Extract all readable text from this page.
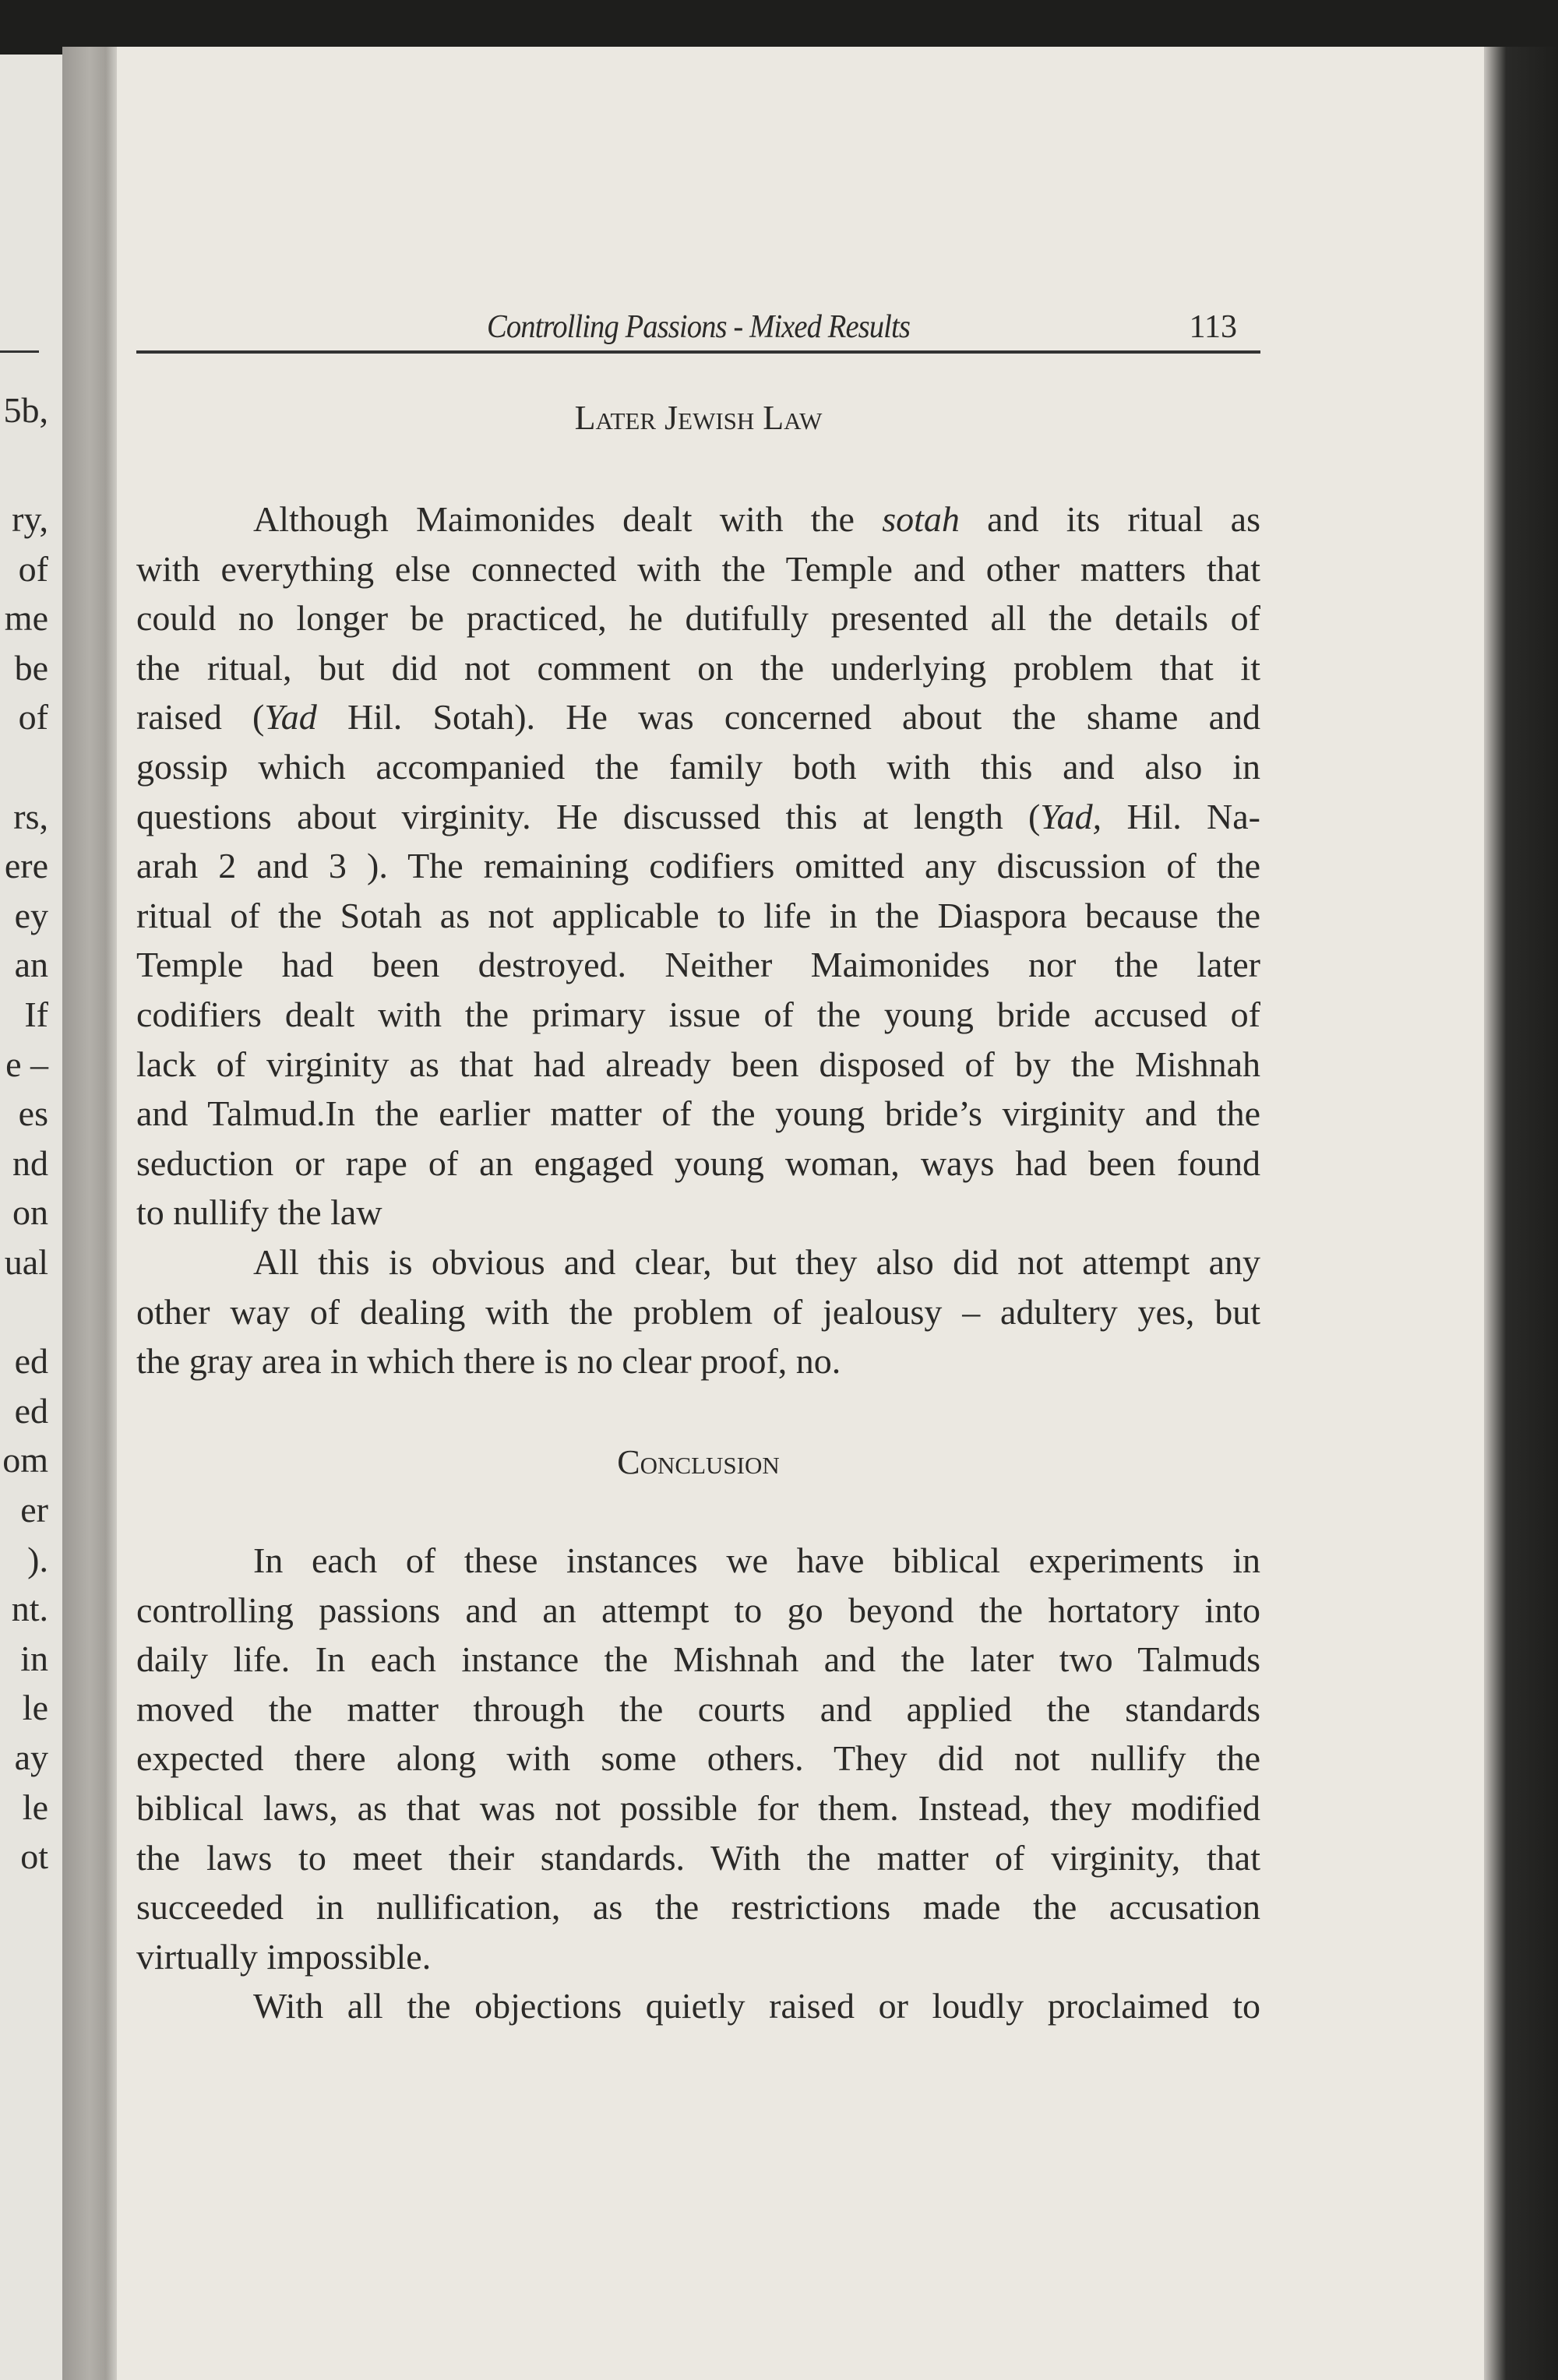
5b,
ry,
of
me
be
of
rs,
ere
ey
an
If
e –
es
nd
on
ual
ed
ed
om
er
).
nt.
in
le
ay
le
ot
Controlling Passions - Mixed Results	113
Later Jewish Law
Although Maimonides dealt with the sotah and its ritual as
with everything else connected with the Temple and other matters that
could no longer be practiced, he dutifully presented all the details of
the ritual, but did not comment on the underlying problem that it
raised (Yad Hil. Sotah). He was concerned about the shame and
gossip which accompanied the family both with this and also in
questions about virginity. He discussed this at length (Yad, Hil. Na-
arah 2 and 3 ). The remaining codifiers omitted any discussion of the
ritual of the Sotah as not applicable to life in the Diaspora because the
Temple had been destroyed. Neither Maimonides nor the later
codifiers dealt with the primary issue of the young bride accused of
lack of virginity as that had already been disposed of by the Mishnah
and Talmud.In the earlier matter of the young bride’s virginity and the
seduction or rape of an engaged young woman, ways had been found
to nullify the law
All this is obvious and clear, but they also did not attempt any
other way of dealing with the problem of jealousy – adultery yes, but
the gray area in which there is no clear proof, no.
Conclusion
In each of these instances we have biblical experiments in
controlling passions and an attempt to go beyond the hortatory into
daily life. In each instance the Mishnah and the later two Talmuds
moved the matter through the courts and applied the standards
expected there along with some others. They did not nullify the
biblical laws, as that was not possible for them. Instead, they modified
the laws to meet their standards. With the matter of virginity, that
succeeded in nullification, as the restrictions made the accusation
virtually impossible.
With all the objections quietly raised or loudly proclaimed to
